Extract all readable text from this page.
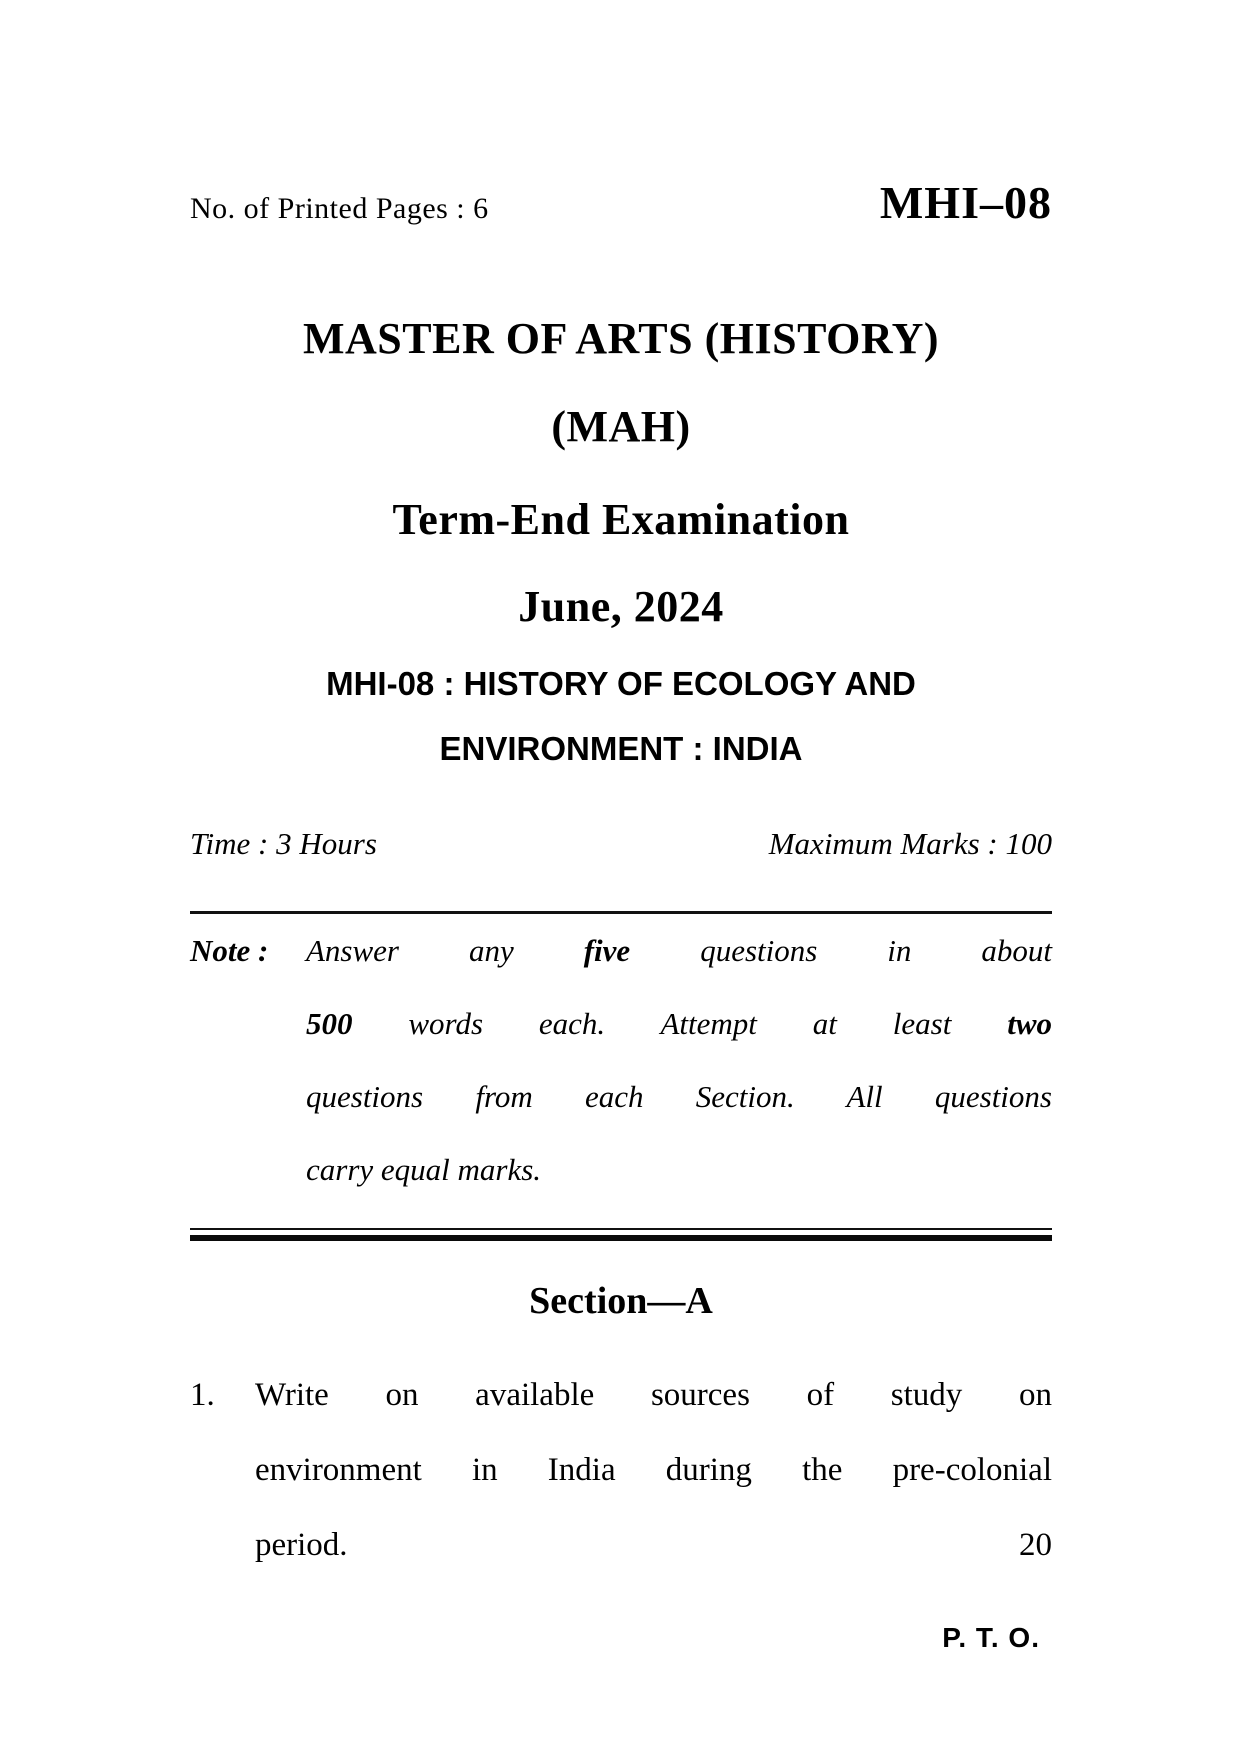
No. of Printed Pages : 6	MHI–08
MASTER OF ARTS (HISTORY)
(MAH)
Term-End Examination
June, 2024
MHI-08 : HISTORY OF ECOLOGY AND
ENVIRONMENT : INDIA
Time : 3 Hours	Maximum Marks : 100
Note : Answer any five questions in about
500 words each. Attempt at least two
questions from each Section. All questions
carry equal marks.
Section—A
1. Write on available sources of study on
environment in India during the pre-colonial
period.	20
P. T. O.
